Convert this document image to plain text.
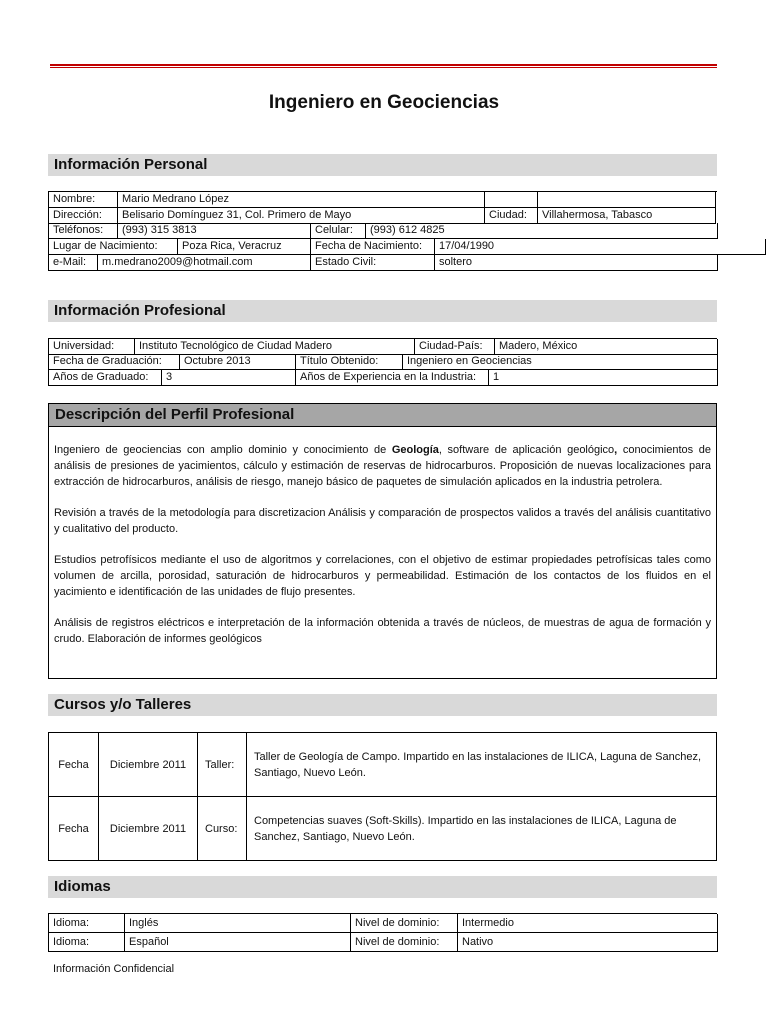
Ingeniero en Geociencias
Información Personal
Nombre:	Mario Medrano López
Dirección:	Belisario Domínguez 31, Col. Primero de Mayo	Ciudad:	Villahermosa, Tabasco
Teléfonos:	(993) 315 3813	Celular:	(993) 612 4825
Lugar de Nacimiento:	Poza Rica, Veracruz	Fecha de Nacimiento:	17/04/1990
e-Mail:	m.medrano2009@hotmail.com	Estado Civil:	soltero
Información Profesional
Universidad:	Instituto Tecnológico de Ciudad Madero	Ciudad-País:	Madero, México
Fecha de Graduación:	Octubre 2013	Título Obtenido:	Ingeniero en Geociencias
Años de Graduado:	3	Años de Experiencia en la Industria:	1
Descripción del Perfil Profesional

Ingeniero de geociencias con amplio dominio y conocimiento de Geología, software de aplicación geológico, conocimientos de análisis de presiones de yacimientos, cálculo y estimación de reservas de hidrocarburos. Proposición de nuevas localizaciones para extracción de hidrocarburos, análisis de riesgo, manejo básico de paquetes de simulación aplicados en la industria petrolera.

Revisión a través de la metodología para discretizacion Análisis y comparación de prospectos validos a través del análisis cuantitativo y cualitativo del producto.

Estudios petrofísicos mediante el uso de algoritmos y correlaciones, con el objetivo de estimar propiedades petrofísicas tales como volumen de arcilla, porosidad, saturación de hidrocarburos y permeabilidad. Estimación de los contactos de los fluidos en el yacimiento e identificación de las unidades de flujo presentes.

Análisis de registros eléctricos e interpretación de la información obtenida a través de núcleos, de muestras de agua de formación y crudo. Elaboración de informes geológicos

Cursos y/o Talleres
Fecha	Diciembre 2011	Taller:	Taller de Geología de Campo. Impartido en las instalaciones de ILICA, Laguna de Sanchez, Santiago, Nuevo León.
Fecha	Diciembre 2011	Curso:	Competencias suaves (Soft-Skills). Impartido en las instalaciones de ILICA, Laguna de Sanchez, Santiago, Nuevo León.
Idiomas
Idioma:	Inglés	Nivel de dominio:	Intermedio
Idioma:	Español	Nivel de dominio:	Nativo
Información Confidencial
